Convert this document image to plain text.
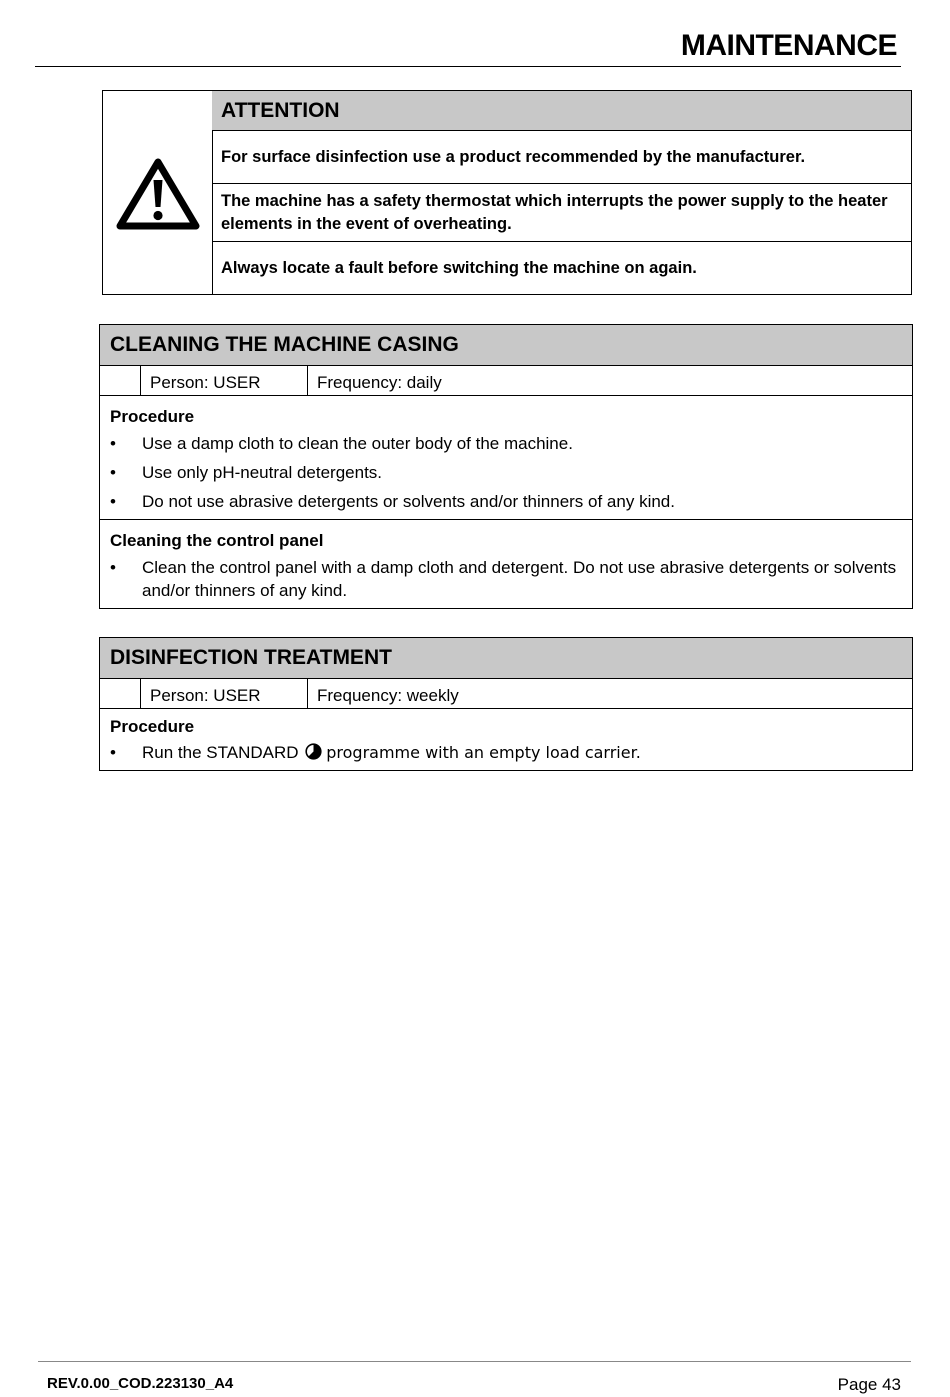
MAINTENANCE
ATTENTION
For surface disinfection use a product recommended by the manufacturer.
The machine has a safety thermostat which interrupts the power supply to the heater elements in the event of overheating.
Always locate a fault before switching the machine on again.
CLEANING THE MACHINE CASING
Person: USER	Frequency: daily
Procedure
•	Use a damp cloth to clean the outer body of the machine.
•	Use only pH-neutral detergents.
•	Do not use abrasive detergents or solvents and/or thinners of any kind.
Cleaning the control panel
•	Clean the control panel with a damp cloth and detergent. Do not use abrasive detergents or solvents and/or thinners of any kind.
DISINFECTION TREATMENT
Person: USER	Frequency: weekly
Procedure
•	Run the STANDARD programme with an empty load carrier.
REV.0.00_COD.223130_A4	Page 43
